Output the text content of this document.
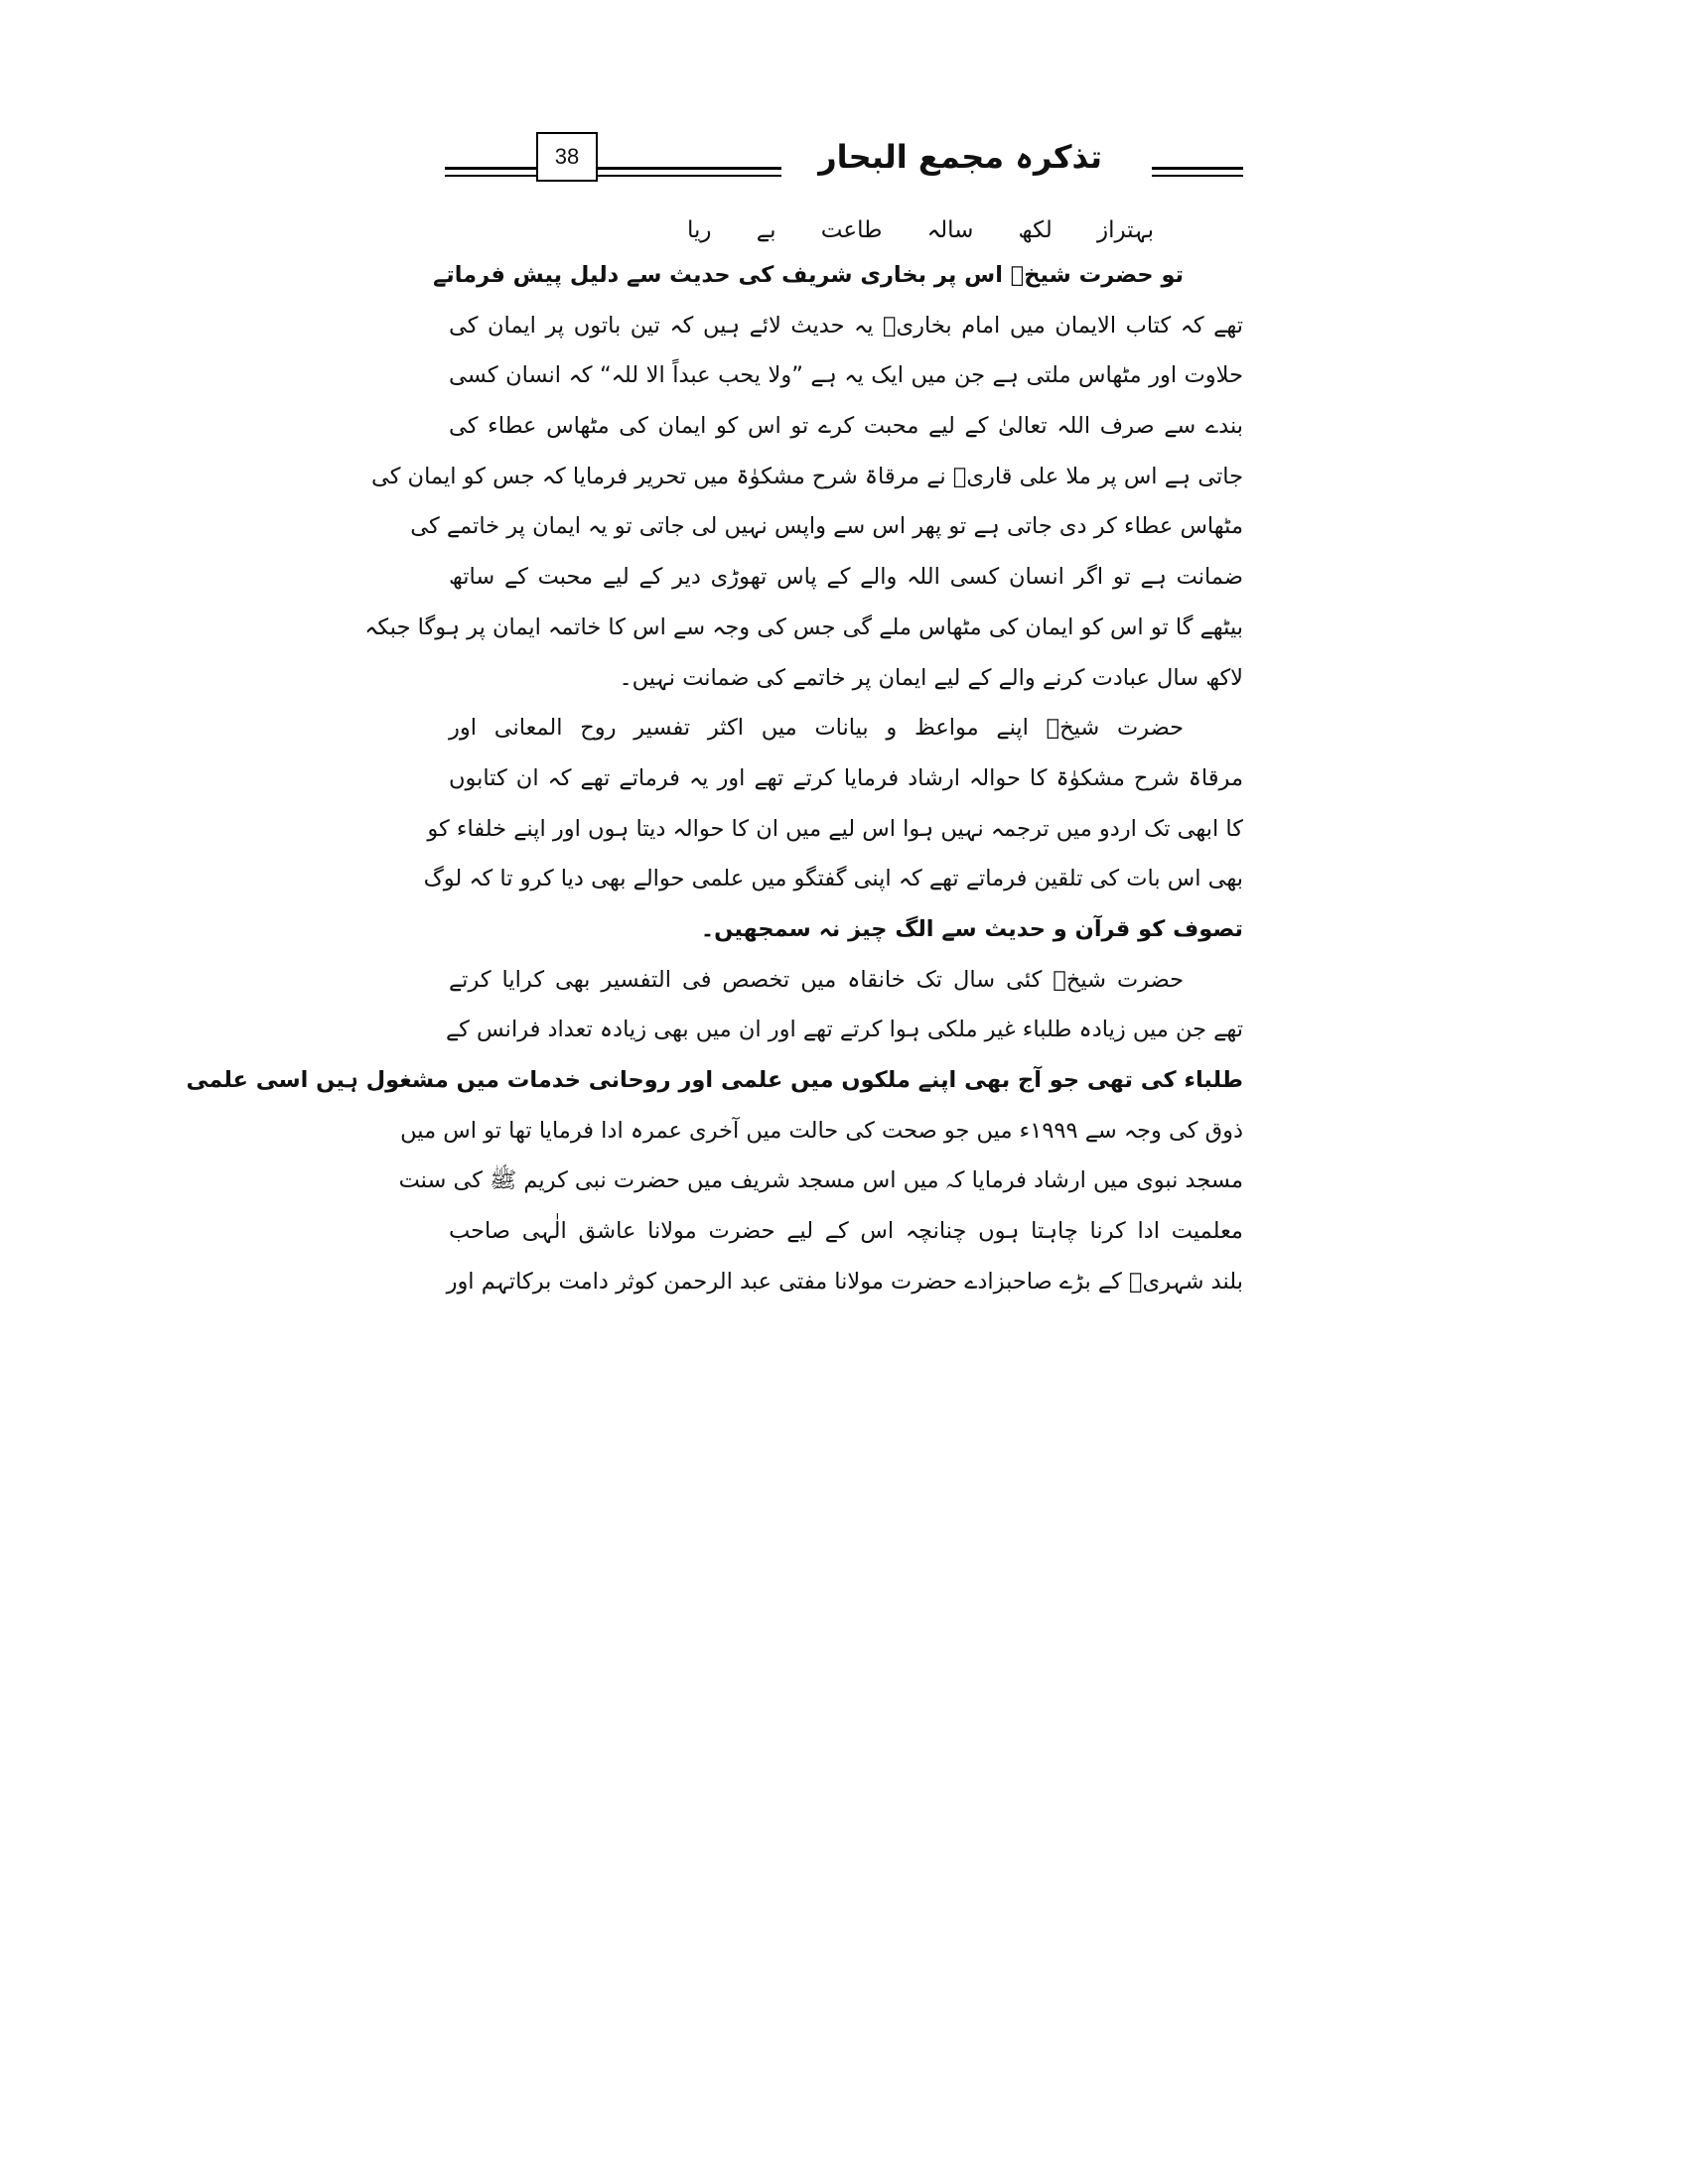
38	تذکرہ مجمع البحار
بہتراز لکھ سالہ طاعت بے ریا
تو حضرت شیخؒ اس پر بخاری شریف کی حدیث سے دلیل پیش فرماتے
تھے کہ کتاب الایمان میں امام بخاریؒ یہ حدیث لائے ہیں کہ تین باتوں پر ایمان کی
حلاوت اور مٹھاس ملتی ہے جن میں ایک یہ ہے ”ولا یحب عبداً الا للہ“ کہ انسان کسی
بندے سے صرف اللہ تعالیٰ کے لیے محبت کرے تو اس کو ایمان کی مٹھاس عطاء کی
جاتی ہے اس پر ملا علی قاریؒ نے مرقاۃ شرح مشکوٰۃ میں تحریر فرمایا کہ جس کو ایمان کی
مٹھاس عطاء کر دی جاتی ہے تو پھر اس سے واپس نہیں لی جاتی تو یہ ایمان پر خاتمے کی
ضمانت ہے تو اگر انسان کسی اللہ والے کے پاس تھوڑی دیر کے لیے محبت کے ساتھ
بیٹھے گا تو اس کو ایمان کی مٹھاس ملے گی جس کی وجہ سے اس کا خاتمہ ایمان پر ہوگا جبکہ
لاکھ سال عبادت کرنے والے کے لیے ایمان پر خاتمے کی ضمانت نہیں۔
حضرت شیخؒ اپنے مواعظ و بیانات میں اکثر تفسیر روح المعانی اور
مرقاۃ شرح مشکوٰۃ کا حوالہ ارشاد فرمایا کرتے تھے اور یہ فرماتے تھے کہ ان کتابوں
کا ابھی تک اردو میں ترجمہ نہیں ہوا اس لیے میں ان کا حوالہ دیتا ہوں اور اپنے خلفاء کو
بھی اس بات کی تلقین فرماتے تھے کہ اپنی گفتگو میں علمی حوالے بھی دیا کرو تا کہ لوگ
تصوف کو قرآن و حدیث سے الگ چیز نہ سمجھیں۔
حضرت شیخؒ کئی سال تک خانقاہ میں تخصص فی التفسیر بھی کرایا کرتے
تھے جن میں زیادہ طلباء غیر ملکی ہوا کرتے تھے اور ان میں بھی زیادہ تعداد فرانس کے
طلباء کی تھی جو آج بھی اپنے ملکوں میں علمی اور روحانی خدمات میں مشغول ہیں اسی علمی
ذوق کی وجہ سے ۱۹۹۹ء میں جو صحت کی حالت میں آخری عمرہ ادا فرمایا تھا تو اس میں
مسجد نبوی میں ارشاد فرمایا کہ میں اس مسجد شریف میں حضرت نبی کریم ﷺ کی سنت
معلمیت ادا کرنا چاہتا ہوں چنانچہ اس کے لیے حضرت مولانا عاشق الٰہی صاحب
بلند شہریؒ کے بڑے صاحبزادے حضرت مولانا مفتی عبد الرحمن کوثر دامت برکاتہم اور
